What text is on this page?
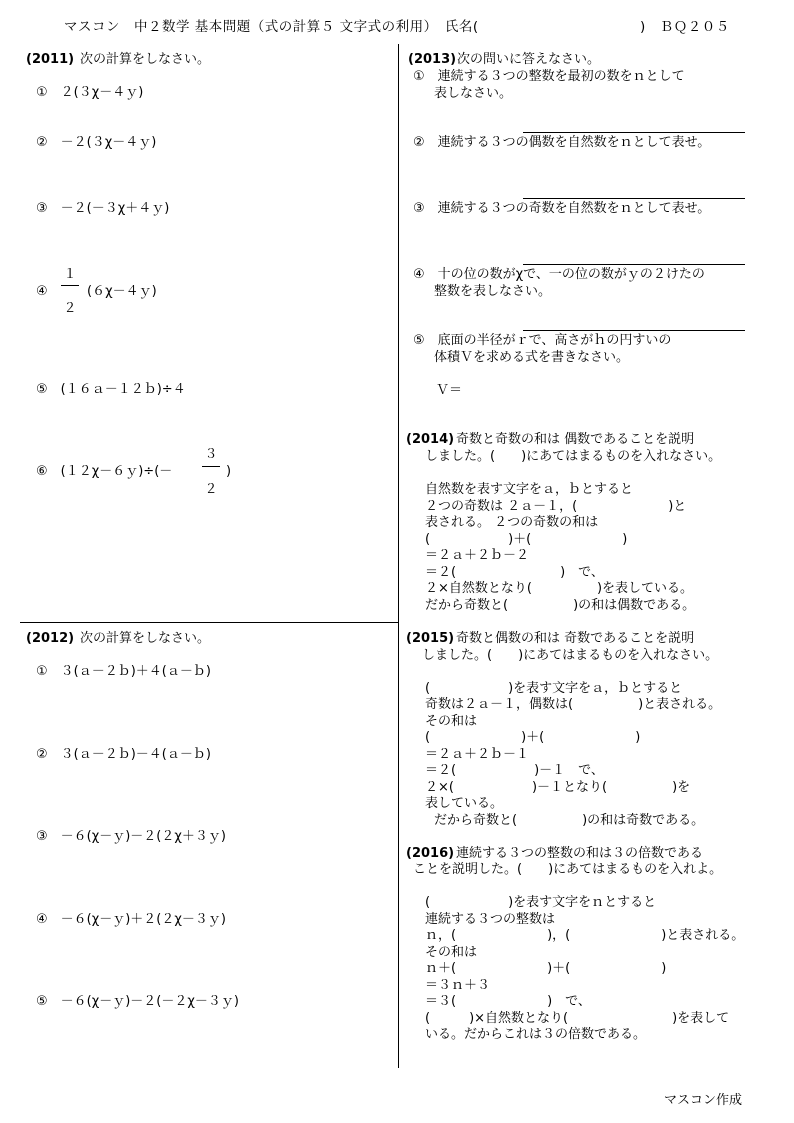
マスコン　中２数学 基本問題（式の計算５ 文字式の利用）　氏名(	)　ＢＱ２０５
(2011) 次の計算をしなさい。
①　２(３χ－４ｙ)
②　－２(３χ－４ｙ)
③　－２(－３χ＋４ｙ)
④
１
２
(６χ－４ｙ)
⑤　(１６ａ－１２ｂ)÷４
⑥　(１２χ－６ｙ)÷(－
３
２
)
(2012) 次の計算をしなさい。
①　３(ａ－２ｂ)＋４(ａ－ｂ)
②　３(ａ－２ｂ)－４(ａ－ｂ)
③　－６(χ－ｙ)－２(２χ＋３ｙ)
④　－６(χ－ｙ)＋２(２χ－３ｙ)
⑤　－６(χ－ｙ)－２(－２χ－３ｙ)
(2013) 次の問いに答えなさい。
①　連続する３つの整数を最初の数をｎとして
表しなさい。
②　連続する３つの偶数を自然数をｎとして表せ。
③　連続する３つの奇数を自然数をｎとして表せ。
④　十の位の数がχで、一の位の数がｙの２けたの
整数を表しなさい。
⑤　底面の半径がｒで、高さがｈの円すいの
体積Ｖを求める式を書きなさい。
Ｖ＝
(2014) 奇数と奇数の和は 偶数であることを説明
しました。(　　)にあてはまるものを入れなさい。
自然数を表す文字をａ，ｂとすると
２つの奇数は ２ａ－１，(　　　　　　　)と
表される。 ２つの奇数の和は
(　　　　　　)＋(　　　　　　　)
＝２ａ＋２ｂ－２
＝２(　　　　　　　　)　で、
２×自然数となり(　　　　　)を表している。
だから奇数と(　　　　　)の和は偶数である。
(2015) 奇数と偶数の和は 奇数であることを説明
しました。(　　)にあてはまるものを入れなさい。
(　　　　　　)を表す文字をａ，ｂとすると
奇数は２ａ－１，偶数は(　　　　　)と表される。
その和は
(　　　　　　　)＋(　　　　　　　)
＝２ａ＋２ｂ－１
＝２(　　　　　　)－１　で、
２×(　　　　　　)－１となり(　　　　　)を
表している。
だから奇数と(　　　　　)の和は奇数である。
(2016) 連続する３つの整数の和は３の倍数である
ことを説明した。(　　)にあてはまるものを入れよ。
(　　　　　　)を表す文字をｎとすると
連続する３つの整数は
ｎ，(　　　　　　　)，(　　　　　　　)と表される。
その和は
ｎ＋(　　　　　　　)＋(　　　　　　　)
＝３ｎ＋３
＝３(　　　　　　　)　で、
(　　　)×自然数となり(　　　　　　　　)を表して
いる。だからこれは３の倍数である。
マスコン作成
